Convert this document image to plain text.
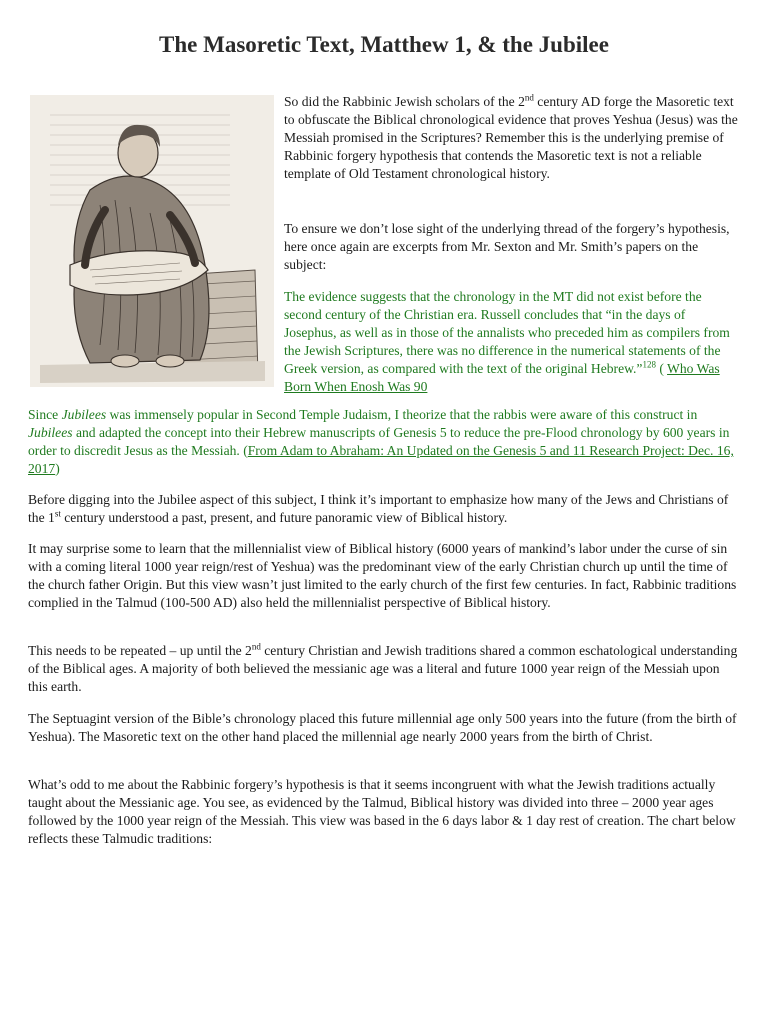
The Masoretic Text, Matthew 1, & the Jubilee

So did the Rabbinic Jewish scholars of the 2nd century AD forge the Masoretic text to obfuscate the Biblical chronological evidence that proves Yeshua (Jesus) was the Messiah promised in the Scriptures? Remember this is the underlying premise of Rabbinic forgery hypothesis that contends the Masoretic text is not a reliable template of Old Testament chronological history.

To ensure we don’t lose sight of the underlying thread of the forgery’s hypothesis, here once again are excerpts from Mr. Sexton and Mr. Smith’s papers on the subject:

The evidence suggests that the chronology in the MT did not exist before the second century of the Christian era. Russell concludes that “in the days of Josephus, as well as in those of the annalists who preceded him as compilers from the Jewish Scriptures, there was no difference in the numerical statements of the Greek version, as compared with the text of the original Hebrew.”$^{128}$ ( Who Was Born When Enosh Was 90

Since Jubilees was immensely popular in Second Temple Judaism, I theorize that the rabbis were aware of this construct in Jubilees and adapted the concept into their Hebrew manuscripts of Genesis 5 to reduce the pre-Flood chronology by 600 years in order to discredit Jesus as the Messiah. (From Adam to Abraham: An Updated on the Genesis 5 and 11 Research Project: Dec. 16, 2017)

Before digging into the Jubilee aspect of this subject, I think it’s important to emphasize how many of the Jews and Christians of the 1st century understood a past, present, and future panoramic view of Biblical history.

It may surprise some to learn that the millennialist view of Biblical history (6000 years of mankind’s labor under the curse of sin with a coming literal 1000 year reign/rest of Yeshua) was the predominant view of the early Christian church up until the time of the church father Origin. But this view wasn’t just limited to the early church of the first few centuries. In fact, Rabbinic traditions complied in the Talmud (100-500 AD) also held the millennialist perspective of Biblical history.

This needs to be repeated – up until the 2nd century Christian and Jewish traditions shared a common eschatological understanding of the Biblical ages. A majority of both believed the messianic age was a literal and future 1000 year reign of the Messiah upon this earth.

The Septuagint version of the Bible’s chronology placed this future millennial age only 500 years into the future (from the birth of Yeshua). The Masoretic text on the other hand placed the millennial age nearly 2000 years from the birth of Christ.

What’s odd to me about the Rabbinic forgery’s hypothesis is that it seems incongruent with what the Jewish traditions actually taught about the Messianic age. You see, as evidenced by the Talmud, Biblical history was divided into three – 2000 year ages followed by the 1000 year reign of the Messiah. This view was based in the 6 days labor & 1 day rest of creation. The chart below reflects these Talmudic traditions:
